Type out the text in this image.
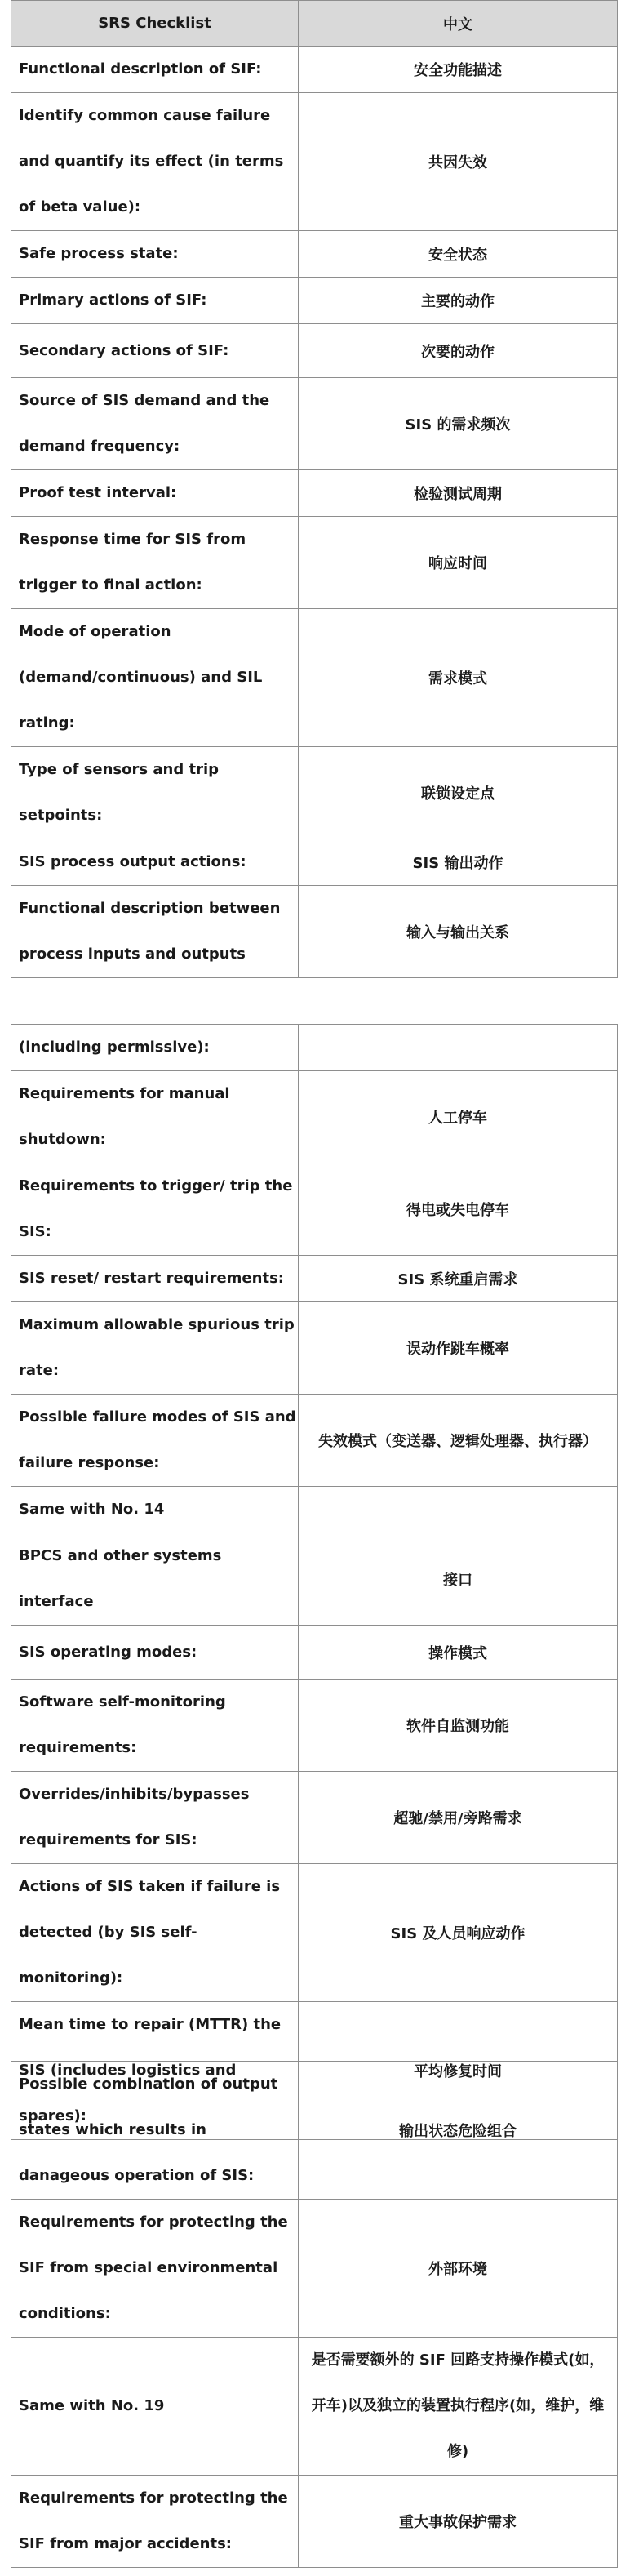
SRS Checklist	中文
Functional description of SIF:	安全功能描述
Identify common cause failure and quantify its effect (in terms of beta value):	共因失效
Safe process state:	安全状态
Primary actions of SIF:	主要的动作
Secondary actions of SIF:	次要的动作
Source of SIS demand and the demand frequency:	SIS 的需求频次
Proof test interval:	检验测试周期
Response time for SIS from trigger to final action:	响应时间
Mode of operation (demand/continuous) and SIL rating:	需求模式
Type of sensors and trip setpoints:	联锁设定点
SIS process output actions:	SIS 输出动作
Functional description between process inputs and outputs	输入与输出关系
(including permissive):	
Requirements for manual shutdown:	人工停车
Requirements to trigger/ trip the SIS:	得电或失电停车
SIS reset/ restart requirements:	SIS 系统重启需求
Maximum allowable spurious trip rate:	误动作跳车概率
Possible failure modes of SIS and failure response:	失效模式（变送器、逻辑处理器、执行器）
Same with No. 14	
BPCS and other systems interface	接口
SIS operating modes:	操作模式
Software self-monitoring requirements:	软件自监测功能
Overrides/inhibits/bypasses requirements for SIS:	超驰/禁用/旁路需求
Actions of SIS taken if failure is detected (by SIS self-monitoring):	SIS 及人员响应动作
Mean time to repair (MTTR) the SIS (includes logistics and spares):	平均修复时间
Possible combination of output states which results in danageous operation of SIS:	输出状态危险组合
Requirements for protecting the SIF from special environmental conditions:	外部环境
Same with No. 19	是否需要额外的 SIF 回路支持操作模式(如，开车)以及独立的装置执行程序(如，维护，维修)
Requirements for protecting the SIF from major accidents:	重大事故保护需求
